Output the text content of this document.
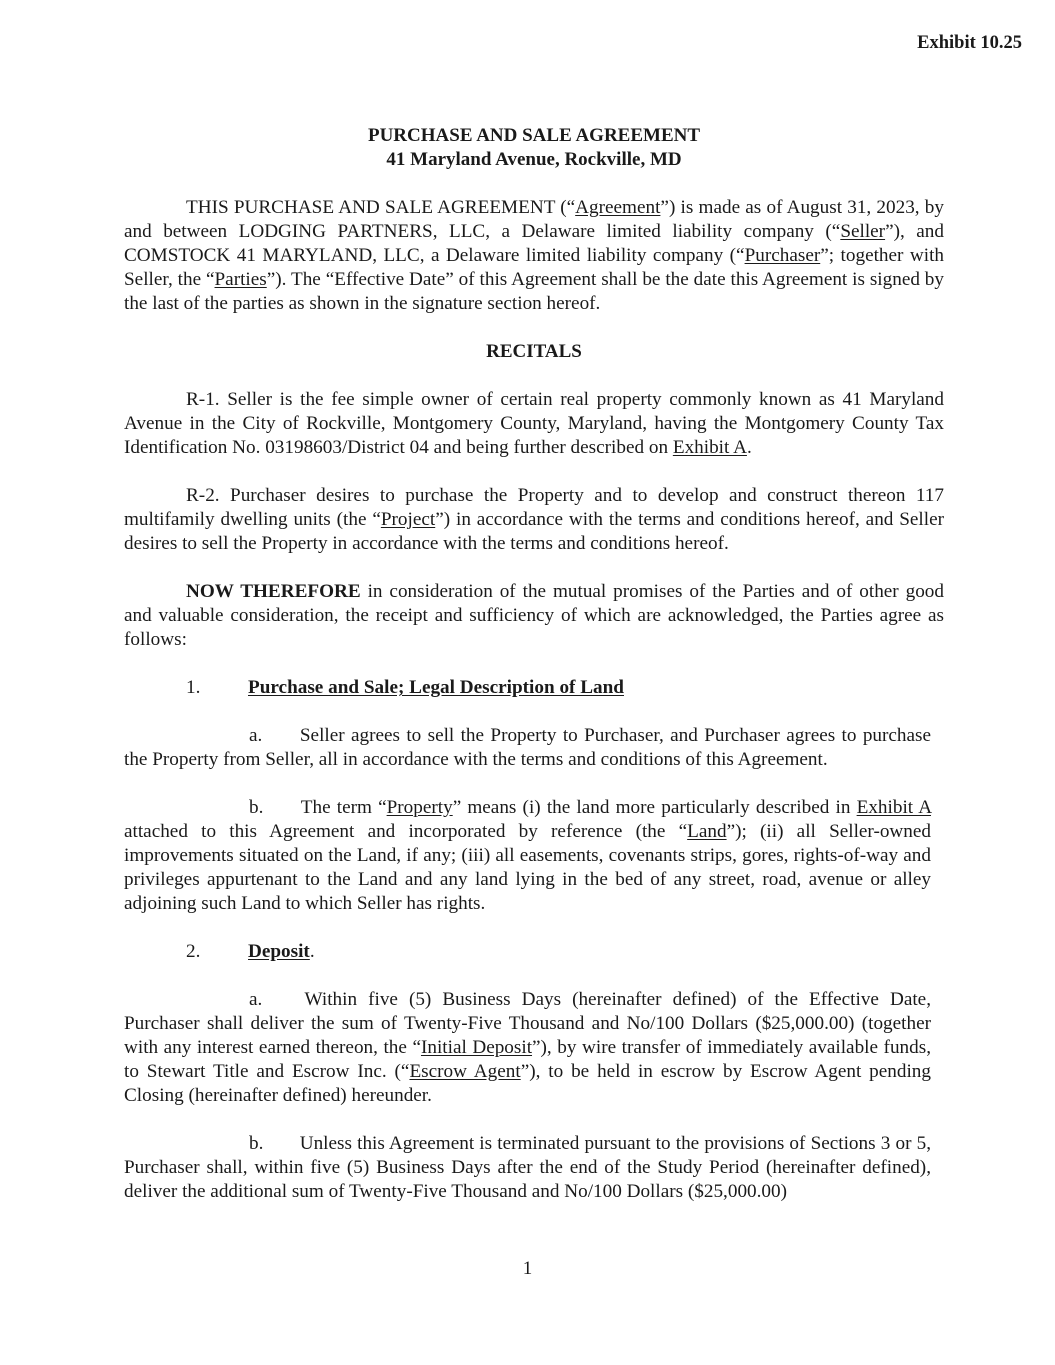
Exhibit 10.25
PURCHASE AND SALE AGREEMENT
41 Maryland Avenue, Rockville, MD

THIS PURCHASE AND SALE AGREEMENT (“Agreement”) is made as of August 31, 2023, by and between LODGING PARTNERS, LLC, a Delaware limited liability company (“Seller”), and COMSTOCK 41 MARYLAND, LLC, a Delaware limited liability company (“Purchaser”; together with Seller, the “Parties”). The “Effective Date” of this Agreement shall be the date this Agreement is signed by the last of the parties as shown in the signature section hereof.

RECITALS

R-1. Seller is the fee simple owner of certain real property commonly known as 41 Maryland Avenue in the City of Rockville, Montgomery County, Maryland, having the Montgomery County Tax Identification No. 03198603/District 04 and being further described on Exhibit A.

R-2. Purchaser desires to purchase the Property and to develop and construct thereon 117 multifamily dwelling units (the “Project”) in accordance with the terms and conditions hereof, and Seller desires to sell the Property in accordance with the terms and conditions hereof.

NOW THEREFORE in consideration of the mutual promises of the Parties and of other good and valuable consideration, the receipt and sufficiency of which are acknowledged, the Parties agree as follows:

1.	Purchase and Sale; Legal Description of Land

a.  Seller agrees to sell the Property to Purchaser, and Purchaser agrees to purchase the Property from Seller, all in accordance with the terms and conditions of this Agreement.

b.  The term “Property” means (i) the land more particularly described in Exhibit A attached to this Agreement and incorporated by reference (the “Land”); (ii) all Seller-owned improvements situated on the Land, if any; (iii) all easements, covenants strips, gores, rights-of-way and privileges appurtenant to the Land and any land lying in the bed of any street, road, avenue or alley adjoining such Land to which Seller has rights.

2.	Deposit.

a.  Within five (5) Business Days (hereinafter defined) of the Effective Date, Purchaser shall deliver the sum of Twenty-Five Thousand and No/100 Dollars ($25,000.00) (together with any interest earned thereon, the “Initial Deposit”), by wire transfer of immediately available funds, to Stewart Title and Escrow Inc. (“Escrow Agent”), to be held in escrow by Escrow Agent pending Closing (hereinafter defined) hereunder.

b.  Unless this Agreement is terminated pursuant to the provisions of Sections 3 or 5, Purchaser shall, within five (5) Business Days after the end of the Study Period (hereinafter defined), deliver the additional sum of Twenty-Five Thousand and No/100 Dollars ($25,000.00)

1
